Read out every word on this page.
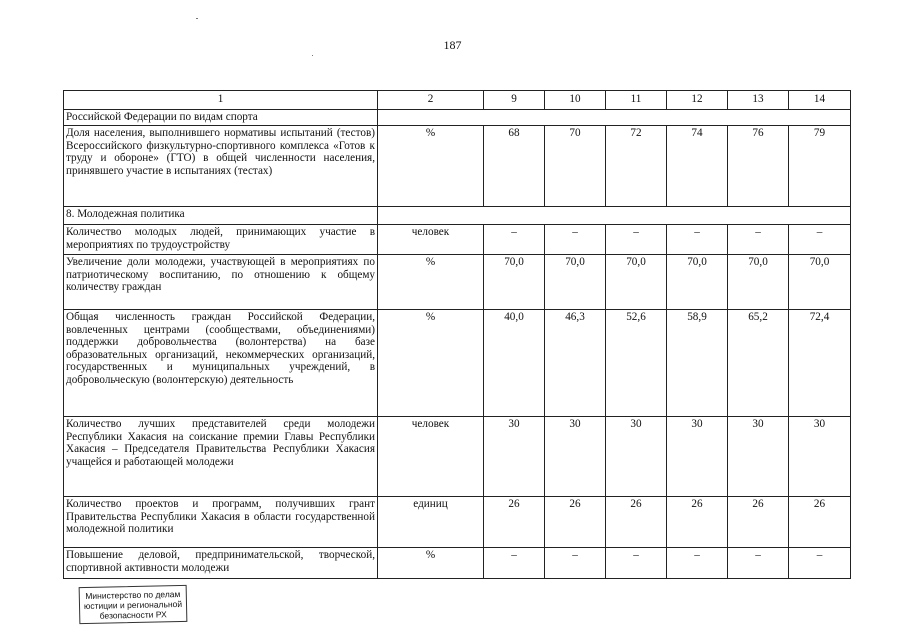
187
1	2	9	10	11	12	13	14
Российской Федерации по видам спорта							
Доля населения, выполнившего нормативы испытаний (тестов) Всероссийского физкультурно-спортивного комплекса «Готов к труду и обороне» (ГТО) в общей численности населения, принявшего участие в испытаниях (тестах)	%	68	70	72	74	76	79
8. Молодежная политика							
Количество молодых людей, принимающих участие в мероприятиях по трудоустройству	человек	–	–	–	–	–	–
Увеличение доли молодежи, участвующей в мероприятиях по патриотическому воспитанию, по отношению к общему количеству граждан	%	70,0	70,0	70,0	70,0	70,0	70,0
Общая численность граждан Российской Федерации, вовлеченных центрами (сообществами, объединениями) поддержки добровольчества (волонтерства) на базе образовательных организаций, некоммерческих организаций, государственных и муниципальных учреждений, в добровольческую (волонтерскую) деятельность	%	40,0	46,3	52,6	58,9	65,2	72,4
Количество лучших представителей среди молодежи Республики Хакасия на соискание премии Главы Республики Хакасия – Председателя Правительства Республики Хакасия учащейся и работающей молодежи	человек	30	30	30	30	30	30
Количество проектов и программ, получивших грант Правительства Республики Хакасия в области государственной молодежной политики	единиц	26	26	26	26	26	26
Повышение деловой, предпринимательской, творческой, спортивной активности молодежи	%	–	–	–	–	–	–
Министерство по делам
юстиции и региональной
безопасности РХ
